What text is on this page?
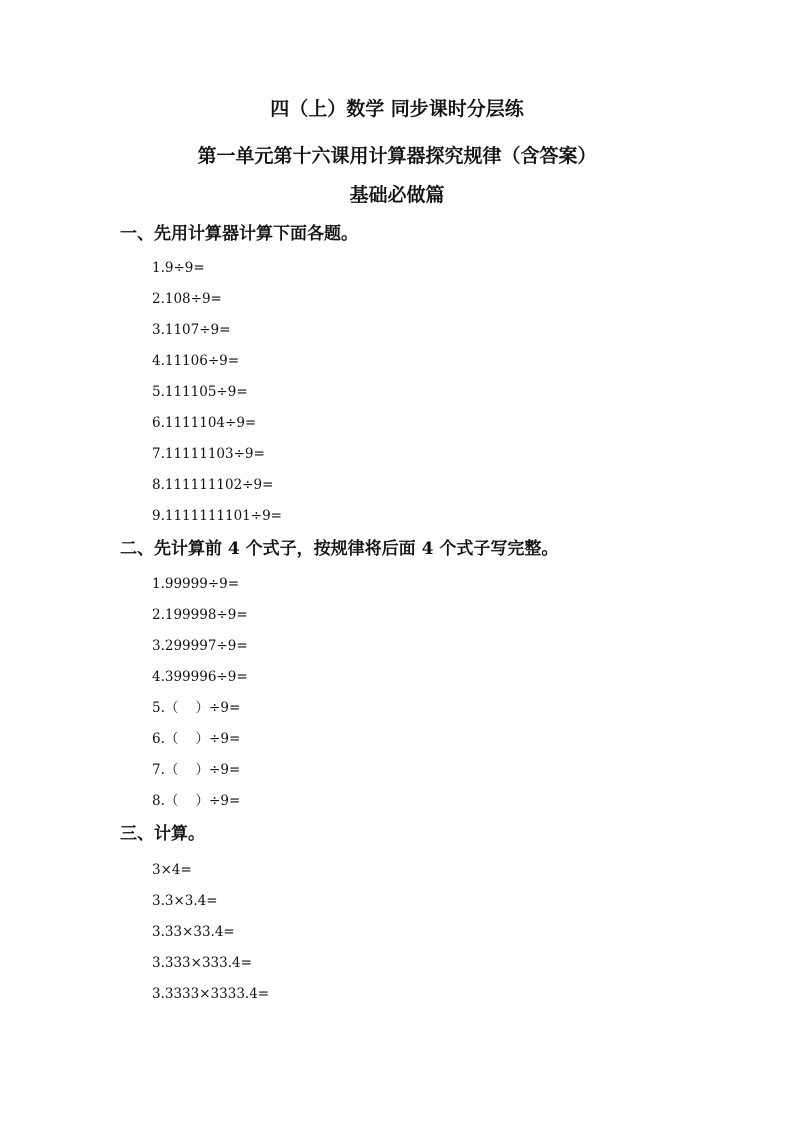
四（上）数学 同步课时分层练
第一单元第十六课用计算器探究规律（含答案）
基础必做篇
一、先用计算器计算下面各题。
1.9÷9=
2.108÷9=
3.1107÷9=
4.11106÷9=
5.111105÷9=
6.1111104÷9=
7.11111103÷9=
8.111111102÷9=
9.1111111101÷9=
二、先计算前 4 个式子，按规律将后面 4 个式子写完整。
1.99999÷9=
2.199998÷9=
3.299997÷9=
4.399996÷9=
5.（    ）÷9=
6.（    ）÷9=
7.（    ）÷9=
8.（    ）÷9=
三、计算。
3×4=
3.3×3.4=
3.33×33.4=
3.333×333.4=
3.3333×3333.4=
